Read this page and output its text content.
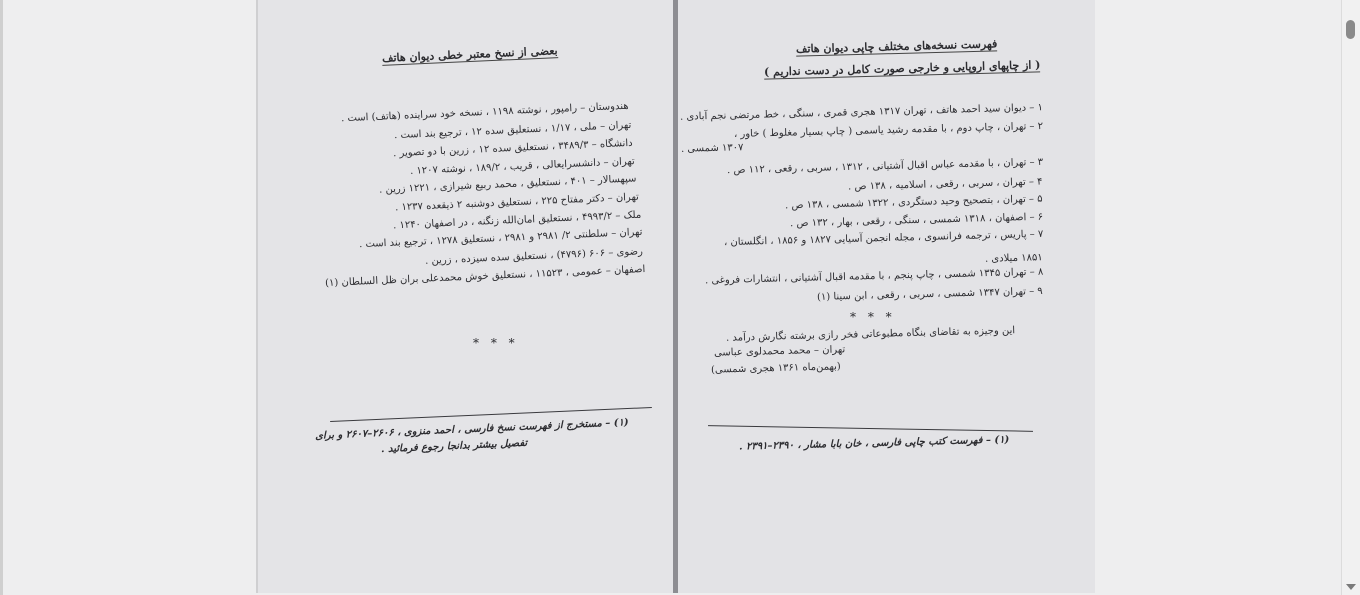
بعضی از نسخ معتبر خطی دیوان هاتف
هندوستان – رامپور ، نوشته ۱۱۹۸ ، نسخه خود سراینده (هاتف) است .
تهران – ملی ، ۱/۱۷ ، نستعلیق سده ۱۲ ، ترجیع بند است .
دانشگاه – ۳۴۸۹/۳ ، نستعلیق سده ۱۲ ، زرین با دو تصویر .
تهران – دانشسرایعالی ، قریب ، ۱۸۹/۲ ، نوشته ۱۲۰۷ .
سپهسالار – ۴۰۱ ، نستعلیق ، محمد ربیع شیرازی ، ۱۲۲۱ زرین .
تهران – دکتر مفتاح ۲۲۵ ، نستعلیق دوشنبه ۲ ذیقعده ۱۲۳۷ .
ملک – ۴۹۹۳/۲ ، نستعلیق امان‌الله زنگنه ، در اصفهان ۱۲۴۰ .
تهران – سلطنتی ۲/ ۲۹۸۱ و ۲۹۸۱ ، نستعلیق ۱۲۷۸ ، ترجیع بند است .
رضوی – ۶۰۶ (۴۷۹۶) ، نستعلیق سده سیزده ، زرین .
اصفهان – عمومی ، ۱۱۵۲۳ ، نستعلیق خوش محمدعلی بران ظل السلطان (۱)
* * *
(۱) – مستخرج از فهرست نسخ فارسی ، احمد منزوی ، ۲۶۰۶–۲۶۰۷ و برای
تفصیل بیشتر بدانجا رجوع فرمائید .
فهرست نسخه‌های مختلف چاپی دیوان هاتف
( از چاپهای اروپایی و خارجی صورت کامل در دست نداریم )
۱ – دیوان سید احمد هاتف ، تهران ۱۳۱۷ هجری قمری ، سنگی ، خط مرتضی نجم آبادی .
۲ – تهران ، چاپ دوم ، با مقدمه رشید یاسمی ( چاپ بسیار مغلوط ) خاور ،
۱۳۰۷ شمسی .
۳ – تهران ، با مقدمه عباس اقبال آشتیانی ، ۱۳۱۲ ، سربی ، رقعی ، ۱۱۲ ص .
۴ – تهران ، سربی ، رقعی ، اسلامیه ، ۱۳۸ ص .
۵ – تهران ، بتصحیح وحید دستگردی ، ۱۳۲۲ شمسی ، ۱۳۸ ص .
۶ – اصفهان ، ۱۳۱۸ شمسی ، سنگی ، رقعی ، بهار ، ۱۳۲ ص .
۷ – پاریس ، ترجمه فرانسوی ، مجله انجمن آسیایی ۱۸۲۷ و ۱۸۵۶ ، انگلستان ،
۱۸۵۱ میلادی .
۸ – تهران ۱۳۴۵ شمسی ، چاپ پنجم ، با مقدمه اقبال آشتیانی ، انتشارات فروغی .
۹ – تهران ۱۳۴۷ شمسی ، سربی ، رقعی ، ابن سینا (۱)
* * *
این وجیزه به تقاضای بنگاه مطبوعاتی فخر رازی برشته نگارش درآمد .
تهران – محمد محمدلوی عباسی
(بهمن‌ماه ۱۳۶۱ هجری شمسی)
(۱) – فهرست کتب چاپی فارسی ، خان بابا مشار ، ۲۳۹۰–۲۳۹۱ .
